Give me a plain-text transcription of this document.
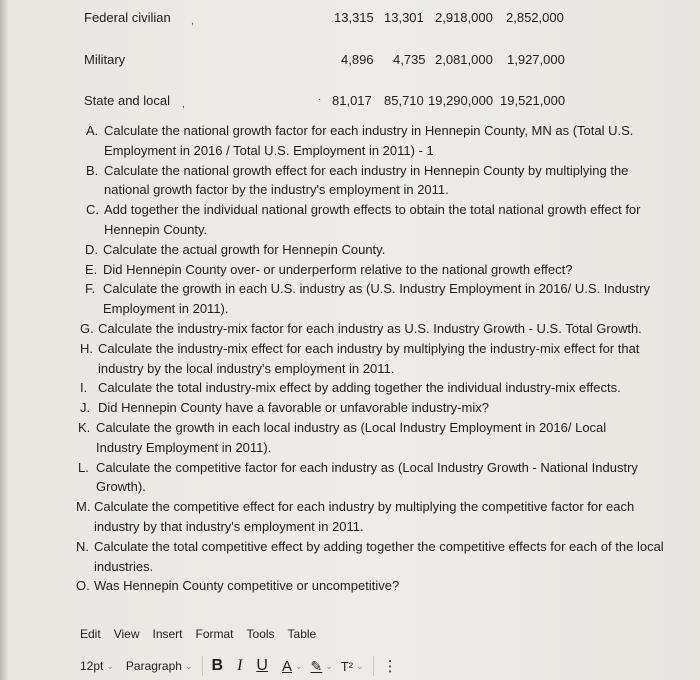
Federal civilian ,	13,315 13,301 2,918,000 2,852,000
Military	4,896 4,735 2,081,000 1,927,000
State and local ,	· 81,017 85,710 19,290,000 19,521,000
A. Calculate the national growth factor for each industry in Hennepin County, MN as (Total U.S. Employment in 2016 / Total U.S. Employment in 2011) - 1
B. Calculate the national growth effect for each industry in Hennepin County by multiplying the national growth factor by the industry's employment in 2011.
C. Add together the individual national growth effects to obtain the total national growth effect for Hennepin County.
D. Calculate the actual growth for Hennepin County.
E. Did Hennepin County over- or underperform relative to the national growth effect?
F. Calculate the growth in each U.S. industry as (U.S. Industry Employment in 2016/ U.S. Industry Employment in 2011).
G. Calculate the industry-mix factor for each industry as U.S. Industry Growth - U.S. Total Growth.
H. Calculate the industry-mix effect for each industry by multiplying the industry-mix effect for that industry by the local industry's employment in 2011.
I. Calculate the total industry-mix effect by adding together the individual industry-mix effects.
J. Did Hennepin County have a favorable or unfavorable industry-mix?
K. Calculate the growth in each local industry as (Local Industry Employment in 2016/ Local Industry Employment in 2011).
L. Calculate the competitive factor for each industry as (Local Industry Growth - National Industry Growth).
M. Calculate the competitive effect for each industry by multiplying the competitive factor for each industry by that industry's employment in 2011.
N. Calculate the total competitive effect by adding together the competitive effects for each of the local industries.
O. Was Hennepin County competitive or uncompetitive?
Edit View Insert Format Tools Table
12pt ⌄ Paragraph ⌄ B I U A ⌄ ✎ ⌄ T² ⌄ ⋮
